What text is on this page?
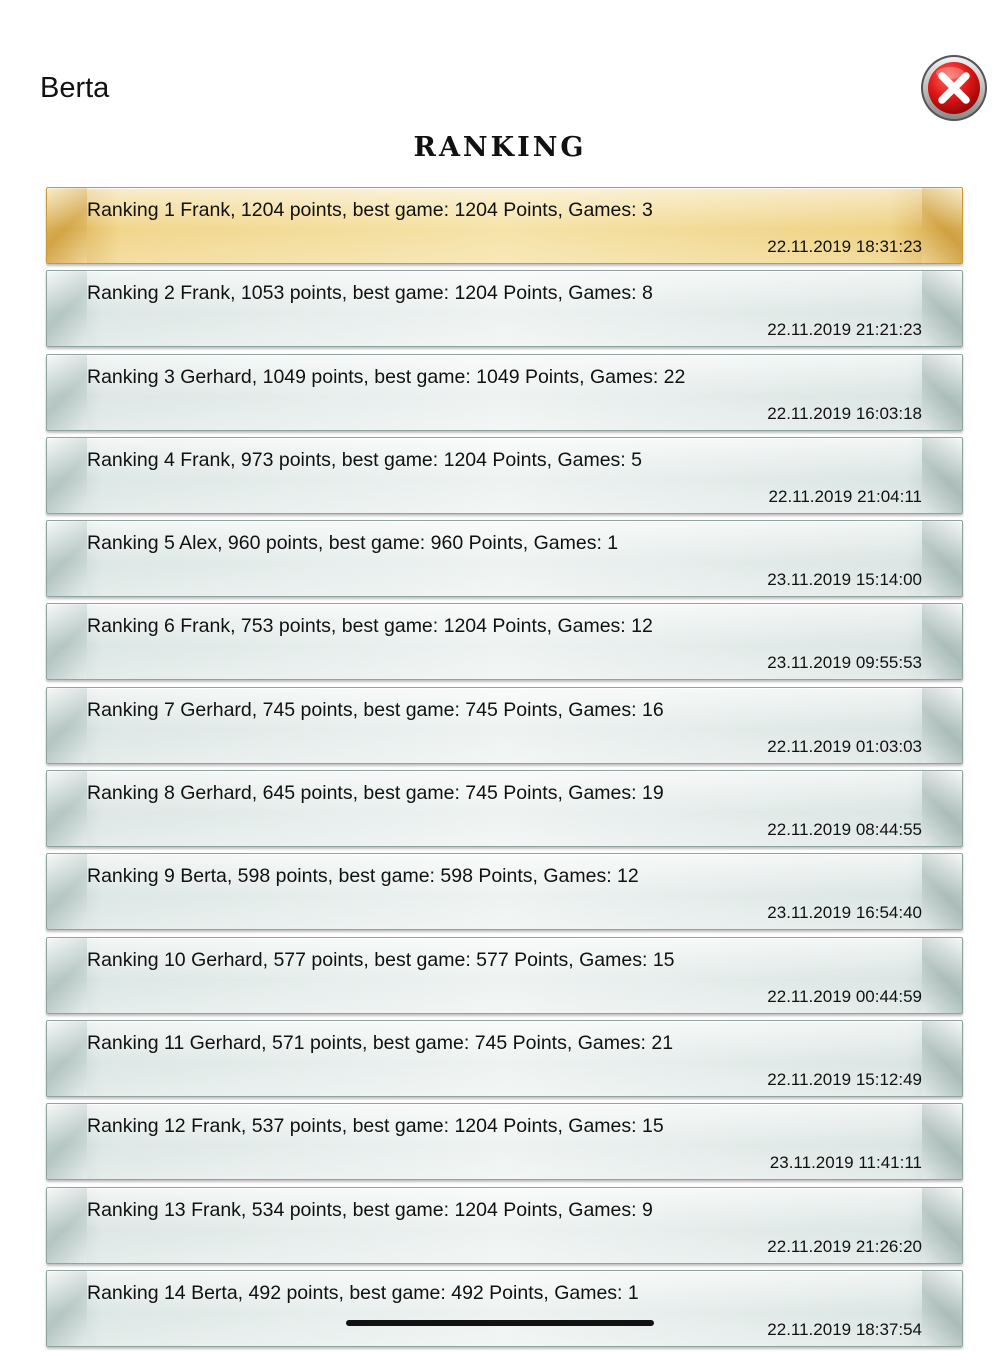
Berta
RANKING
Ranking 1 Frank, 1204 points, best game: 1204 Points, Games: 3
22.11.2019 18:31:23
Ranking 2 Frank, 1053 points, best game: 1204 Points, Games: 8
22.11.2019 21:21:23
Ranking 3 Gerhard, 1049 points, best game: 1049 Points, Games: 22
22.11.2019 16:03:18
Ranking 4 Frank, 973 points, best game: 1204 Points, Games: 5
22.11.2019 21:04:11
Ranking 5 Alex, 960 points, best game: 960 Points, Games: 1
23.11.2019 15:14:00
Ranking 6 Frank, 753 points, best game: 1204 Points, Games: 12
23.11.2019 09:55:53
Ranking 7 Gerhard, 745 points, best game: 745 Points, Games: 16
22.11.2019 01:03:03
Ranking 8 Gerhard, 645 points, best game: 745 Points, Games: 19
22.11.2019 08:44:55
Ranking 9 Berta, 598 points, best game: 598 Points, Games: 12
23.11.2019 16:54:40
Ranking 10 Gerhard, 577 points, best game: 577 Points, Games: 15
22.11.2019 00:44:59
Ranking 11 Gerhard, 571 points, best game: 745 Points, Games: 21
22.11.2019 15:12:49
Ranking 12 Frank, 537 points, best game: 1204 Points, Games: 15
23.11.2019 11:41:11
Ranking 13 Frank, 534 points, best game: 1204 Points, Games: 9
22.11.2019 21:26:20
Ranking 14 Berta, 492 points, best game: 492 Points, Games: 1
22.11.2019 18:37:54
